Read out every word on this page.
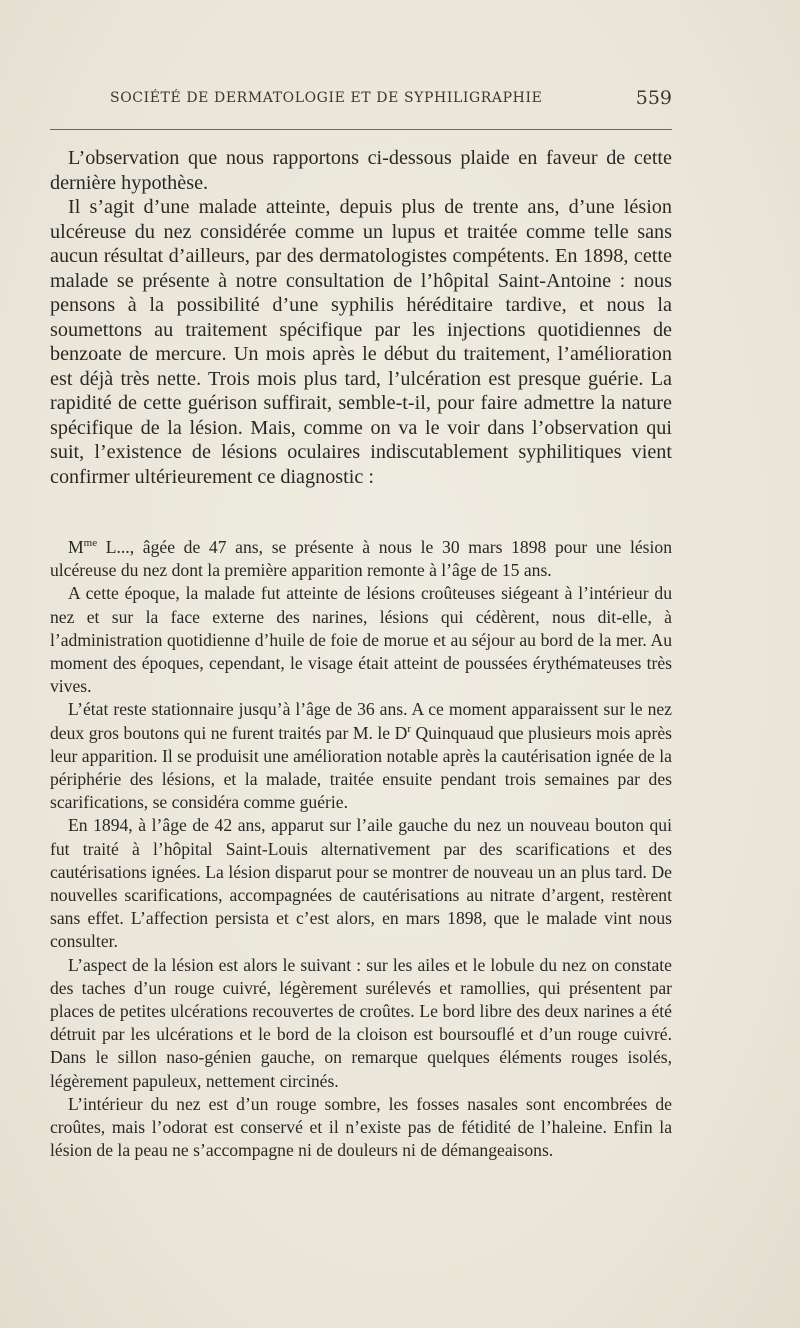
SOCIÉTÉ DE DERMATOLOGIE ET DE SYPHILIGRAPHIE	559

L’observation que nous rapportons ci-dessous plaide en faveur de cette dernière hypothèse.

Il s’agit d’une malade atteinte, depuis plus de trente ans, d’une lésion ulcéreuse du nez considérée comme un lupus et traitée comme telle sans aucun résultat d’ailleurs, par des dermatologistes compétents. En 1898, cette malade se présente à notre consultation de l’hôpital Saint-Antoine : nous pensons à la possibilité d’une syphilis héréditaire tardive, et nous la soumettons au traitement spécifique par les injections quotidiennes de benzoate de mercure. Un mois après le début du traitement, l’amélioration est déjà très nette. Trois mois plus tard, l’ulcération est presque guérie. La rapidité de cette guérison suffirait, semble-t-il, pour faire admettre la nature spécifique de la lésion. Mais, comme on va le voir dans l’observation qui suit, l’existence de lésions oculaires indiscutablement syphilitiques vient confirmer ultérieurement ce diagnostic :

$M^{me}$ L..., âgée de 47 ans, se présente à nous le 30 mars 1898 pour une lésion ulcéreuse du nez dont la première apparition remonte à l’âge de 15 ans.

A cette époque, la malade fut atteinte de lésions croûteuses siégeant à l’intérieur du nez et sur la face externe des narines, lésions qui cédèrent, nous dit-elle, à l’administration quotidienne d’huile de foie de morue et au séjour au bord de la mer. Au moment des époques, cependant, le visage était atteint de poussées érythémateuses très vives.

L’état reste stationnaire jusqu’à l’âge de 36 ans. A ce moment apparaissent sur le nez deux gros boutons qui ne furent traités par M. le $D^r$ Quinquaud que plusieurs mois après leur apparition. Il se produisit une amélioration notable après la cautérisation ignée de la périphérie des lésions, et la malade, traitée ensuite pendant trois semaines par des scarifications, se considéra comme guérie.

En 1894, à l’âge de 42 ans, apparut sur l’aile gauche du nez un nouveau bouton qui fut traité à l’hôpital Saint-Louis alternativement par des scarifications et des cautérisations ignées. La lésion disparut pour se montrer de nouveau un an plus tard. De nouvelles scarifications, accompagnées de cautérisations au nitrate d’argent, restèrent sans effet. L’affection persista et c’est alors, en mars 1898, que le malade vint nous consulter.

L’aspect de la lésion est alors le suivant : sur les ailes et le lobule du nez on constate des taches d’un rouge cuivré, légèrement surélevés et ramollies, qui présentent par places de petites ulcérations recouvertes de croûtes. Le bord libre des deux narines a été détruit par les ulcérations et le bord de la cloison est boursouflé et d’un rouge cuivré. Dans le sillon naso-génien gauche, on remarque quelques éléments rouges isolés, légèrement papuleux, nettement circinés.

L’intérieur du nez est d’un rouge sombre, les fosses nasales sont encombrées de croûtes, mais l’odorat est conservé et il n’existe pas de fétidité de l’haleine. Enfin la lésion de la peau ne s’accompagne ni de douleurs ni de démangeaisons.
